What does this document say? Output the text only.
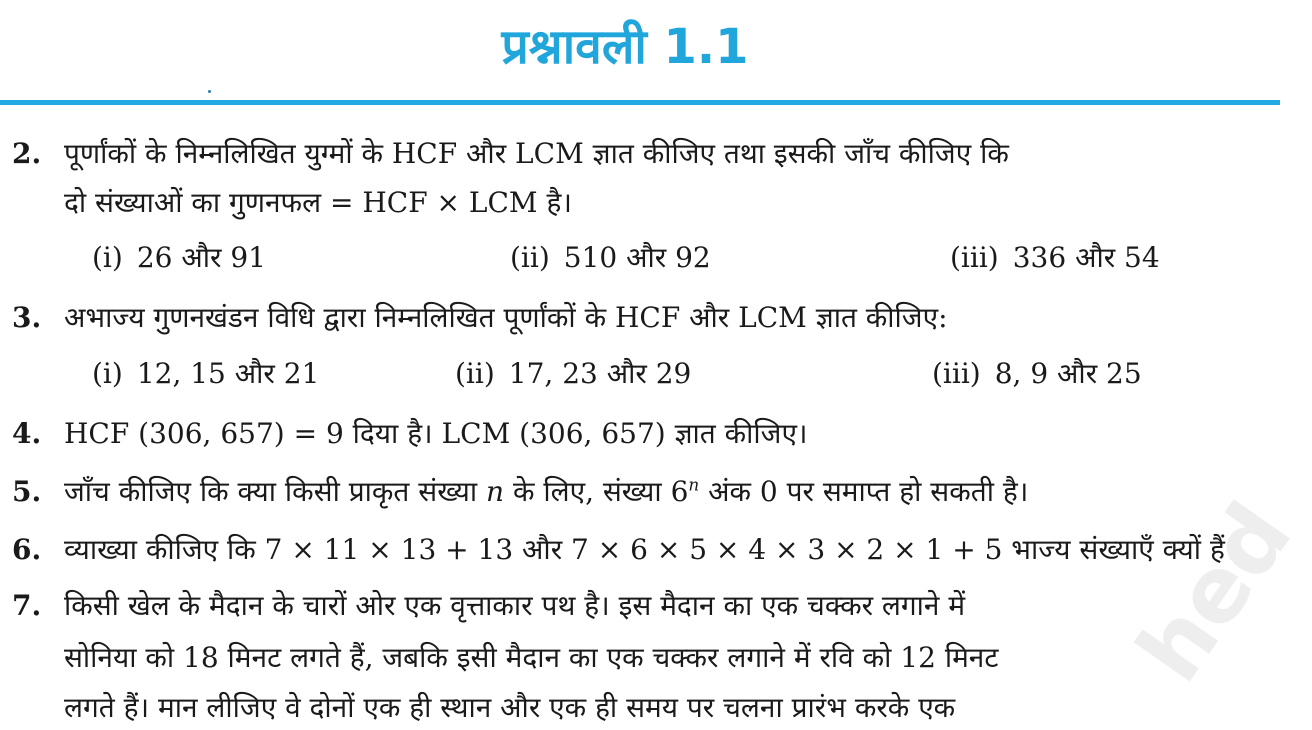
प्रश्नावली 1.1
2. पूर्णांकों के निम्नलिखित युग्मों के HCF और LCM ज्ञात कीजिए तथा इसकी जाँच कीजिए कि
दो संख्याओं का गुणनफल = HCF × LCM है।
(i) 26 और 91	(ii) 510 और 92	(iii) 336 और 54
3. अभाज्य गुणनखंडन विधि द्वारा निम्नलिखित पूर्णांकों के HCF और LCM ज्ञात कीजिए:
(i) 12, 15 और 21	(ii) 17, 23 और 29	(iii) 8, 9 और 25
4. HCF (306, 657) = 9 दिया है। LCM (306, 657) ज्ञात कीजिए।
5. जाँच कीजिए कि क्या किसी प्राकृत संख्या n के लिए, संख्या 6$^n$ अंक 0 पर समाप्त हो सकती है।
6. व्याख्या कीजिए कि 7 × 11 × 13 + 13 और 7 × 6 × 5 × 4 × 3 × 2 × 1 + 5 भाज्य संख्याएँ क्यों हैं।
7. किसी खेल के मैदान के चारों ओर एक वृत्ताकार पथ है। इस मैदान का एक चक्कर लगाने में
सोनिया को 18 मिनट लगते हैं, जबकि इसी मैदान का एक चक्कर लगाने में रवि को 12 मिनट
लगते हैं। मान लीजिए वे दोनों एक ही स्थान और एक ही समय पर चलना प्रारंभ करके एक
hed
